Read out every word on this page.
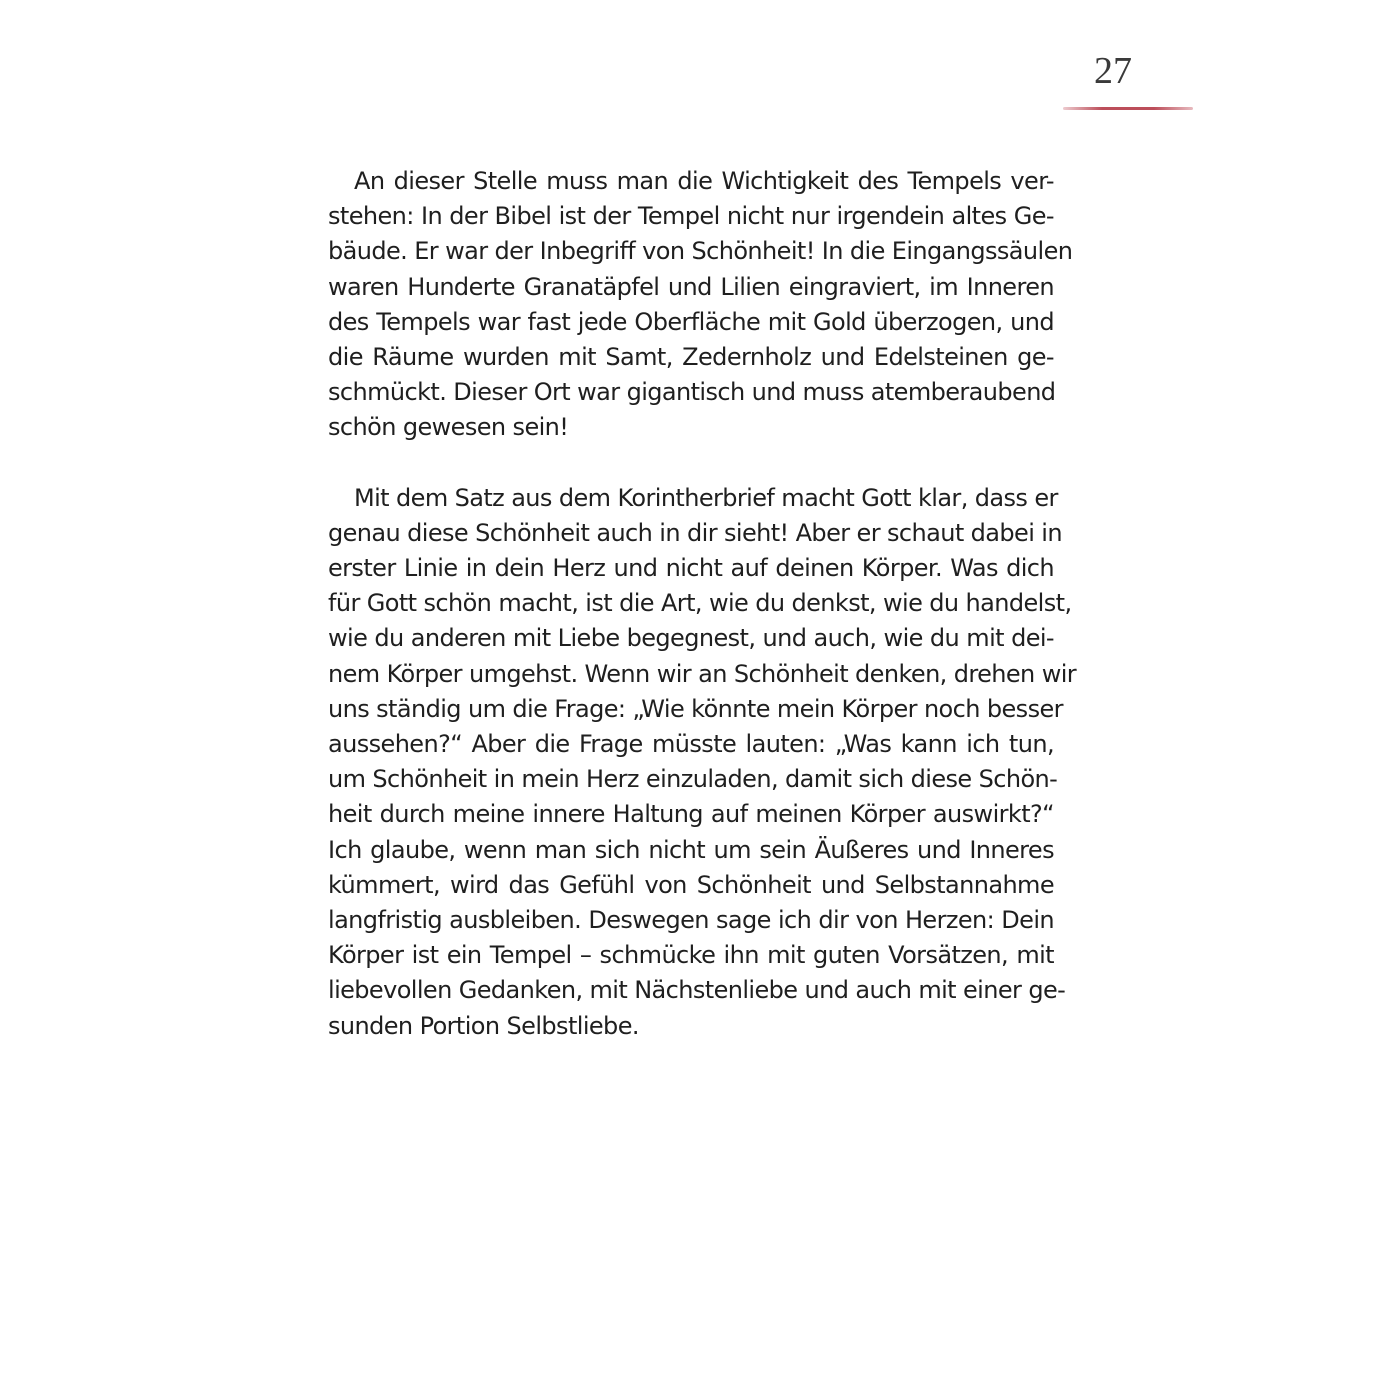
27
An dieser Stelle muss man die Wichtigkeit des Tempels ver-
stehen: In der Bibel ist der Tempel nicht nur irgendein altes Ge-
bäude. Er war der Inbegriff von Schönheit! In die Eingangssäulen
waren Hunderte Granatäpfel und Lilien eingraviert, im Inneren
des Tempels war fast jede Oberfläche mit Gold überzogen, und
die Räume wurden mit Samt, Zedernholz und Edelsteinen ge-
schmückt. Dieser Ort war gigantisch und muss atemberaubend
schön gewesen sein!
Mit dem Satz aus dem Korintherbrief macht Gott klar, dass er
genau diese Schönheit auch in dir sieht! Aber er schaut dabei in
erster Linie in dein Herz und nicht auf deinen Körper. Was dich
für Gott schön macht, ist die Art, wie du denkst, wie du handelst,
wie du anderen mit Liebe begegnest, und auch, wie du mit dei-
nem Körper umgehst. Wenn wir an Schönheit denken, drehen wir
uns ständig um die Frage: „Wie könnte mein Körper noch besser
aussehen?“ Aber die Frage müsste lauten: „Was kann ich tun,
um Schönheit in mein Herz einzuladen, damit sich diese Schön-
heit durch meine innere Haltung auf meinen Körper auswirkt?“
Ich glaube, wenn man sich nicht um sein Äußeres und Inneres
kümmert, wird das Gefühl von Schönheit und Selbstannahme
langfristig ausbleiben. Deswegen sage ich dir von Herzen: Dein
Körper ist ein Tempel – schmücke ihn mit guten Vorsätzen, mit
liebevollen Gedanken, mit Nächstenliebe und auch mit einer ge-
sunden Portion Selbstliebe.
